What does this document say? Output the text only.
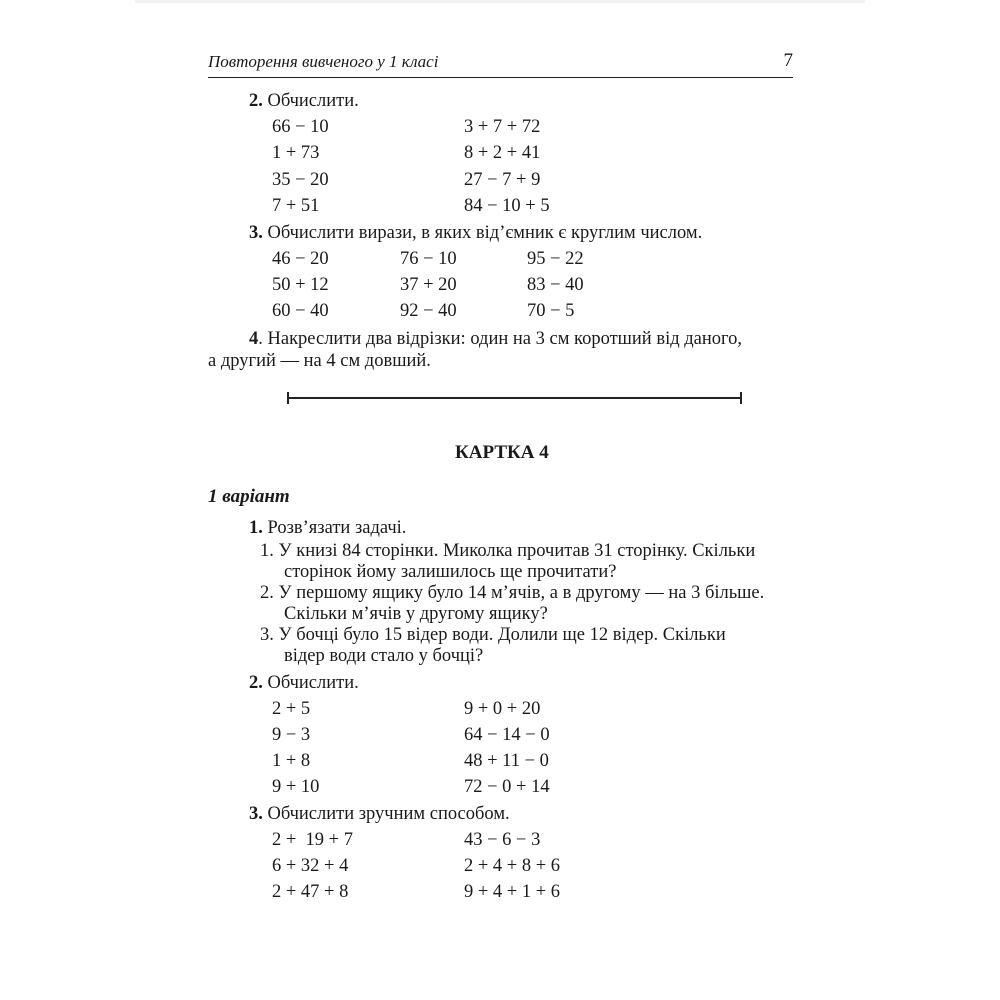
Повторення вивченого у 1 класі	7
2. Обчислити.
66 − 10	3 + 7 + 72
1 + 73	8 + 2 + 41
35 − 20	27 − 7 + 9
7 + 51	84 − 10 + 5
3. Обчислити вирази, в яких від’ємник є круглим числом.
46 − 20	76 − 10	95 − 22
50 + 12	37 + 20	83 − 40
60 − 40	92 − 40	70 − 5
4. Накреслити два відрізки: один на 3 см коротший від даного,
а другий — на 4 см довший.
КАРТКА 4
1 варіант
1. Розв’язати задачі.
1. У книзі 84 сторінки. Миколка прочитав 31 сторінку. Скільки
сторінок йому залишилось ще прочитати?
2. У першому ящику було 14 м’ячів, а в другому — на 3 більше.
Скільки м’ячів у другому ящику?
3. У бочці було 15 відер води. Долили ще 12 відер. Скільки
відер води стало у бочці?
2. Обчислити.
2 + 5	9 + 0 + 20
9 − 3	64 − 14 − 0
1 + 8	48 + 11 − 0
9 + 10	72 − 0 + 14
3. Обчислити зручним способом.
2 +  19 + 7	43 − 6 − 3
6 + 32 + 4	2 + 4 + 8 + 6
2 + 47 + 8	9 + 4 + 1 + 6
